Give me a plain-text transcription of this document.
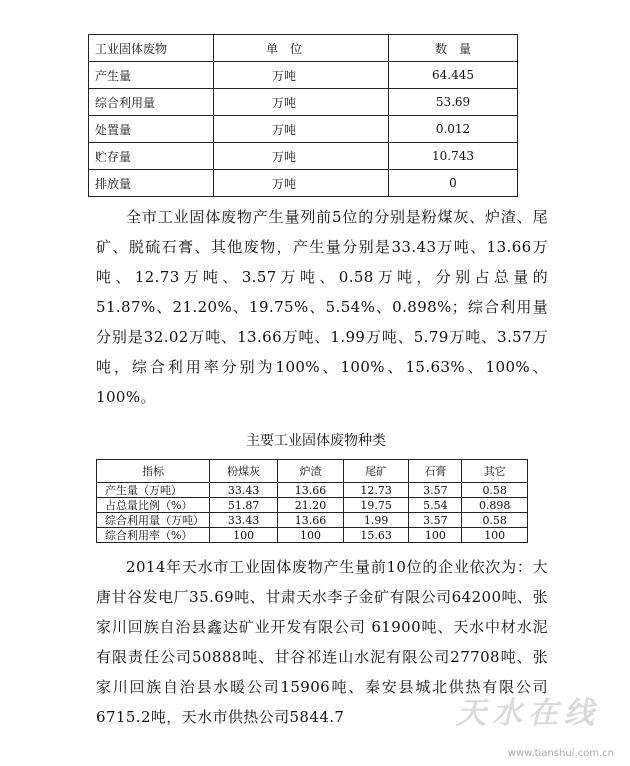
工业固体废物	单　位	数　量
产生量	万吨	64.445
综合利用量	万吨	53.69
处置量	万吨	0.012
贮存量	万吨	10.743
排放量	万吨	0

全市工业固体废物产生量列前5位的分别是粉煤灰、炉渣、尾矿、脱硫石膏、其他废物，产生量分别是33.43万吨、13.66万吨、12.73万吨、3.57万吨、0.58万吨，分别占总量的 51.87%、21.20%、19.75%、5.54%、0.898%；综合利用量分别是32.02万吨、13.66万吨、1.99万吨、5.79万吨、3.57万吨，综合利用率分别为100%、100%、15.63%、100%、100%。

主要工业固体废物种类
指标	粉煤灰	炉渣	尾矿	石膏	其它
产生量（万吨）	33.43	13.66	12.73	3.57	0.58
占总量比例（%）	51.87	21.20	19.75	5.54	0.898
综合利用量（万吨）	33.43	13.66	1.99	3.57	0.58
综合利用率（%）	100	100	15.63	100	100

2014年天水市工业固体废物产生量前10位的企业依次为：大唐甘谷发电厂35.69吨、甘肃天水李子金矿有限公司64200吨、张家川回族自治县鑫达矿业开发有限公司 61900吨、天水中材水泥有限责任公司50888吨、甘谷祁连山水泥有限公司27708吨、张家川回族自治县水暖公司15906吨、秦安县城北供热有限公司6715.2吨，天水市供热公司5844.7	天水在线
www.tianshui.com.cn
